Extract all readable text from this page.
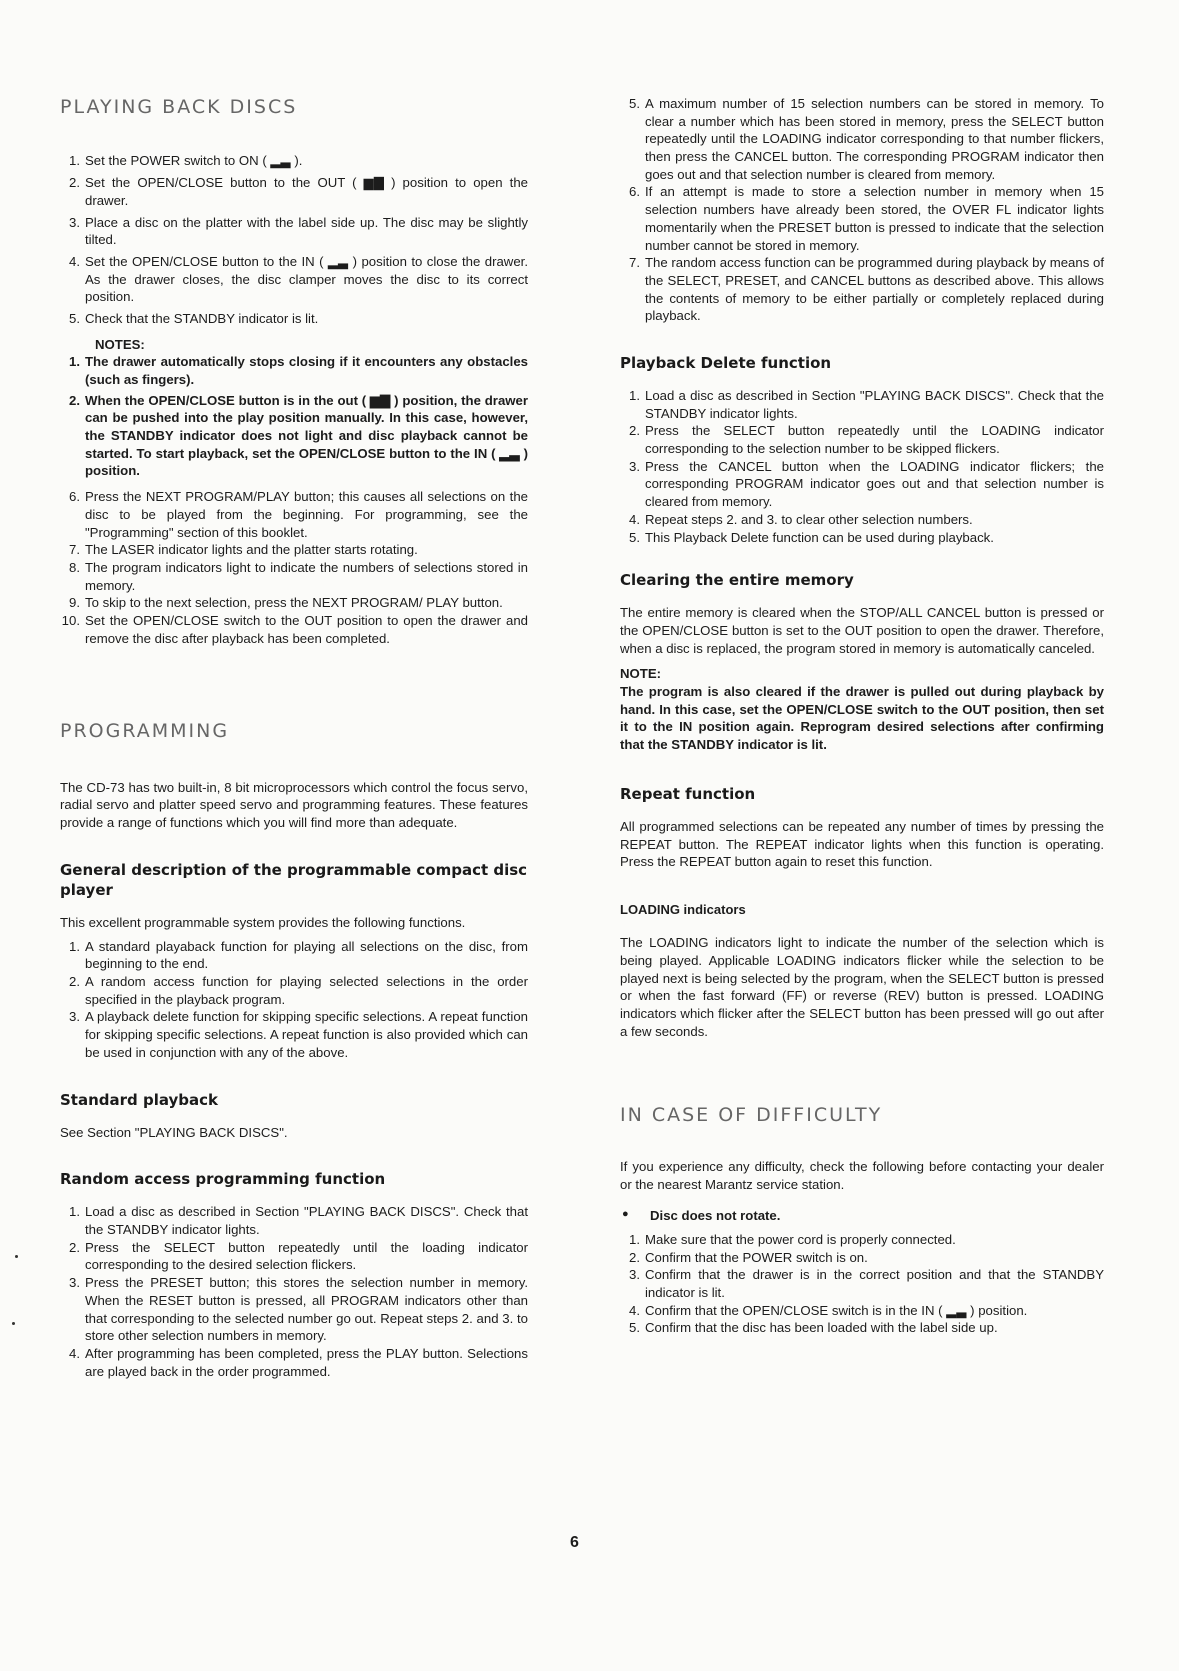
PLAYING BACK DISCS
1 . Set the POWER switch to ON ( ▂▃ ).
2 . Set the OPEN/CLOSE button to the OUT ( ▆▇ ) position to open the drawer.
3 . Place a disc on the platter with the label side up. The disc may be slightly tilted.
4 . Set the OPEN/CLOSE button to the IN ( ▂▃ ) position to close the drawer. As the drawer closes, the disc clamper moves the disc to its correct position.
5 . Check that the STANDBY indicator is lit.
NOTES:
1 . The drawer automatically stops closing if it encounters any obstacles (such as fingers).
2 . When the OPEN/CLOSE button is in the out ( ▆▇ ) position, the drawer can be pushed into the play position manually. In this case, however, the STANDBY indicator does not light and disc playback cannot be started. To start playback, set the OPEN/CLOSE button to the IN ( ▂▃ ) position.
6 . Press the NEXT PROGRAM/PLAY button; this causes all selections on the disc to be played from the beginning. For programming, see the "Programming" section of this booklet.
7 . The LASER indicator lights and the platter starts rotating.
8 . The program indicators light to indicate the numbers of selections stored in memory.
9 . To skip to the next selection, press the NEXT PROGRAM/ PLAY button.
10 . Set the OPEN/CLOSE switch to the OUT position to open the drawer and remove the disc after playback has been completed.
PROGRAMMING

The CD-73 has two built-in, 8 bit microprocessors which control the focus servo, radial servo and platter speed servo and programming features. These features provide a range of functions which you will find more than adequate.

General description of the programmable compact disc player

This excellent programmable system provides the following functions.

1 . A standard playaback function for playing all selections on the disc, from beginning to the end.
2 . A random access function for playing selected selections in the order specified in the playback program.
3 . A playback delete function for skipping specific selections. A repeat function for skipping specific selections. A repeat function is also provided which can be used in conjunction with any of the above.
Standard playback

See Section "PLAYING BACK DISCS".

Random access programming function
1 . Load a disc as described in Section "PLAYING BACK DISCS". Check that the STANDBY indicator lights.
2 . Press the SELECT button repeatedly until the loading indicator corresponding to the desired selection flickers.
3 . Press the PRESET button; this stores the selection number in memory. When the RESET button is pressed, all PROGRAM indicators other than that corresponding to the selected number go out. Repeat steps 2. and 3. to store other selection numbers in memory.
4 . After programming has been completed, press the PLAY button. Selections are played back in the order programmed.
5 . A maximum number of 15 selection numbers can be stored in memory. To clear a number which has been stored in memory, press the SELECT button repeatedly until the LOADING indicator corresponding to that number flickers, then press the CANCEL button. The corresponding PROGRAM indicator then goes out and that selection number is cleared from memory.
6 . If an attempt is made to store a selection number in memory when 15 selection numbers have already been stored, the OVER FL indicator lights momentarily when the PRESET button is pressed to indicate that the selection number cannot be stored in memory.
7 . The random access function can be programmed during playback by means of the SELECT, PRESET, and CANCEL buttons as described above. This allows the contents of memory to be either partially or completely replaced during playback.
Playback Delete function
1 . Load a disc as described in Section "PLAYING BACK DISCS". Check that the STANDBY indicator lights.
2 . Press the SELECT button repeatedly until the LOADING indicator corresponding to the selection number to be skipped flickers.
3 . Press the CANCEL button when the LOADING indicator flickers; the corresponding PROGRAM indicator goes out and that selection number is cleared from memory.
4 . Repeat steps 2. and 3. to clear other selection numbers.
5 . This Playback Delete function can be used during playback.
Clearing the entire memory

The entire memory is cleared when the STOP/ALL CANCEL button is pressed or the OPEN/CLOSE button is set to the OUT position to open the drawer. Therefore, when a disc is replaced, the program stored in memory is automatically canceled.

NOTE:

The program is also cleared if the drawer is pulled out during playback by hand. In this case, set the OPEN/CLOSE switch to the OUT position, then set it to the IN position again. Reprogram desired selections after confirming that the STANDBY indicator is lit.

Repeat function

All programmed selections can be repeated any number of times by pressing the REPEAT button. The REPEAT indicator lights when this function is operating. Press the REPEAT button again to reset this function.

LOADING indicators

The LOADING indicators light to indicate the number of the selection which is being played. Applicable LOADING indicators flicker while the selection to be played next is being selected by the program, when the SELECT button is pressed or when the fast forward (FF) or reverse (REV) button is pressed. LOADING indicators which flicker after the SELECT button has been pressed will go out after a few seconds.

IN CASE OF DIFFICULTY

If you experience any difficulty, check the following before contacting your dealer or the nearest Marantz service station.

● Disc does not rotate.

1 . Make sure that the power cord is properly connected.
2 . Confirm that the POWER switch is on.
3 . Confirm that the drawer is in the correct position and that the STANDBY indicator is lit.
4 . Confirm that the OPEN/CLOSE switch is in the IN ( ▂▃ ) position.
5 . Confirm that the disc has been loaded with the label side up.
6
